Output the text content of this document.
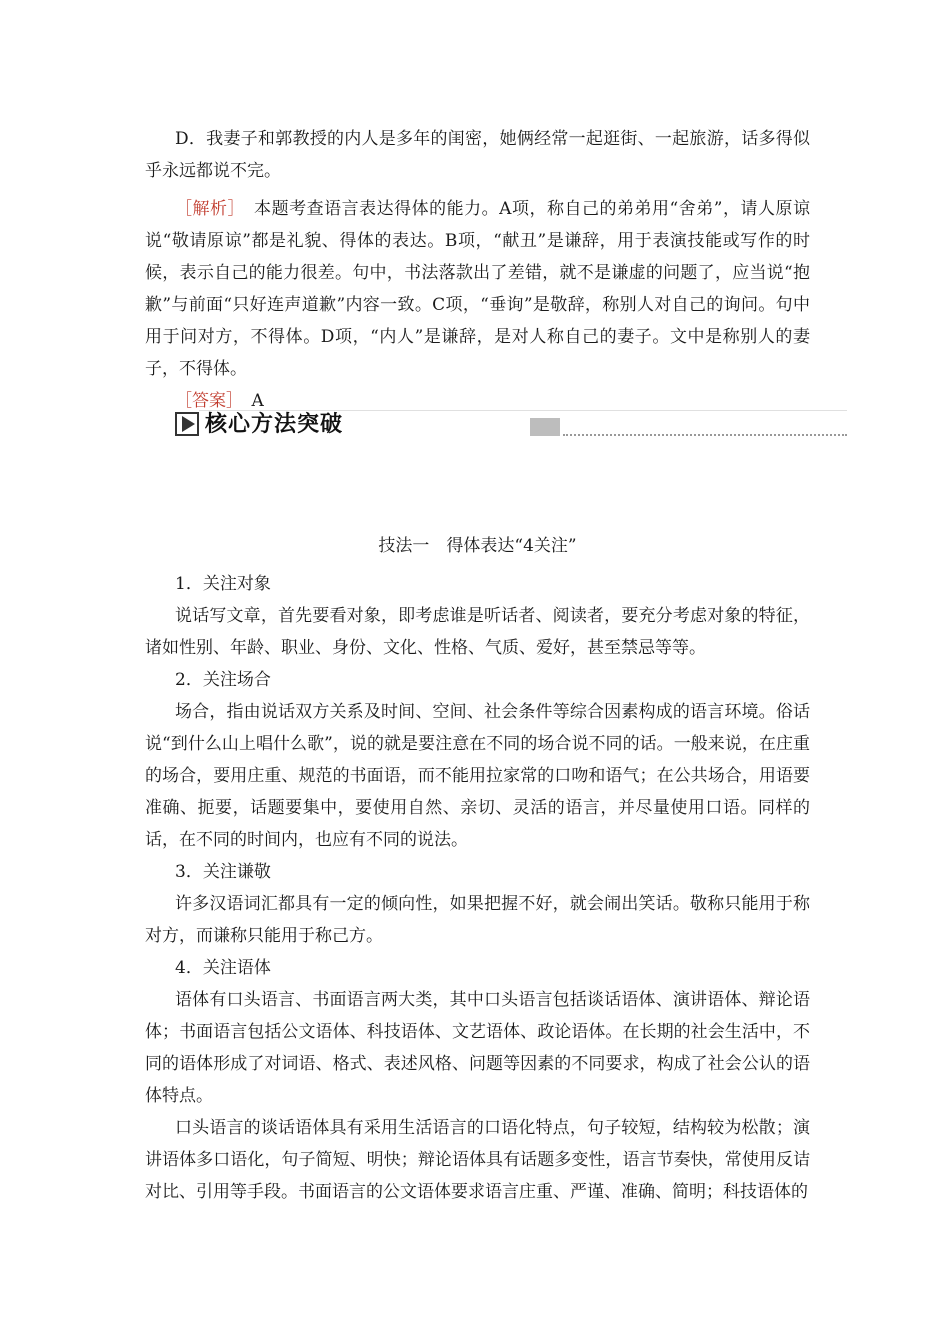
D．我妻子和郭教授的内人是多年的闺密，她俩经常一起逛街、一起旅游，话多得似乎永远都说不完。

［解析］　本题考查语言表达得体的能力。A项，称自己的弟弟用“舍弟”，请人原谅说“敬请原谅”都是礼貌、得体的表达。B项，“献丑”是谦辞，用于表演技能或写作的时候，表示自己的能力很差。句中，书法落款出了差错，就不是谦虚的问题了，应当说“抱歉”与前面“只好连声道歉”内容一致。C项，“垂询”是敬辞，称别人对自己的询问。句中用于问对方，不得体。D项，“内人”是谦辞，是对人称自己的妻子。文中是称别人的妻子，不得体。

［答案］　A

核心方法突破
技法一　得体表达“4关注”

1．关注对象

说话写文章，首先要看对象，即考虑谁是听话者、阅读者，要充分考虑对象的特征，诸如性别、年龄、职业、身份、文化、性格、气质、爱好，甚至禁忌等等。

2．关注场合

场合，指由说话双方关系及时间、空间、社会条件等综合因素构成的语言环境。俗话说“到什么山上唱什么歌”，说的就是要注意在不同的场合说不同的话。一般来说，在庄重的场合，要用庄重、规范的书面语，而不能用拉家常的口吻和语气；在公共场合，用语要准确、扼要，话题要集中，要使用自然、亲切、灵活的语言，并尽量使用口语。同样的话，在不同的时间内，也应有不同的说法。

3．关注谦敬

许多汉语词汇都具有一定的倾向性，如果把握不好，就会闹出笑话。敬称只能用于称对方，而谦称只能用于称己方。

4．关注语体

语体有口头语言、书面语言两大类，其中口头语言包括谈话语体、演讲语体、辩论语体；书面语言包括公文语体、科技语体、文艺语体、政论语体。在长期的社会生活中，不同的语体形成了对词语、格式、表述风格、问题等因素的不同要求，构成了社会公认的语体特点。

口头语言的谈话语体具有采用生活语言的口语化特点，句子较短，结构较为松散；演讲语体多口语化，句子简短、明快；辩论语体具有话题多变性，语言节奏快，常使用反诘对比、引用等手段。书面语言的公文语体要求语言庄重、严谨、准确、简明；科技语体的
